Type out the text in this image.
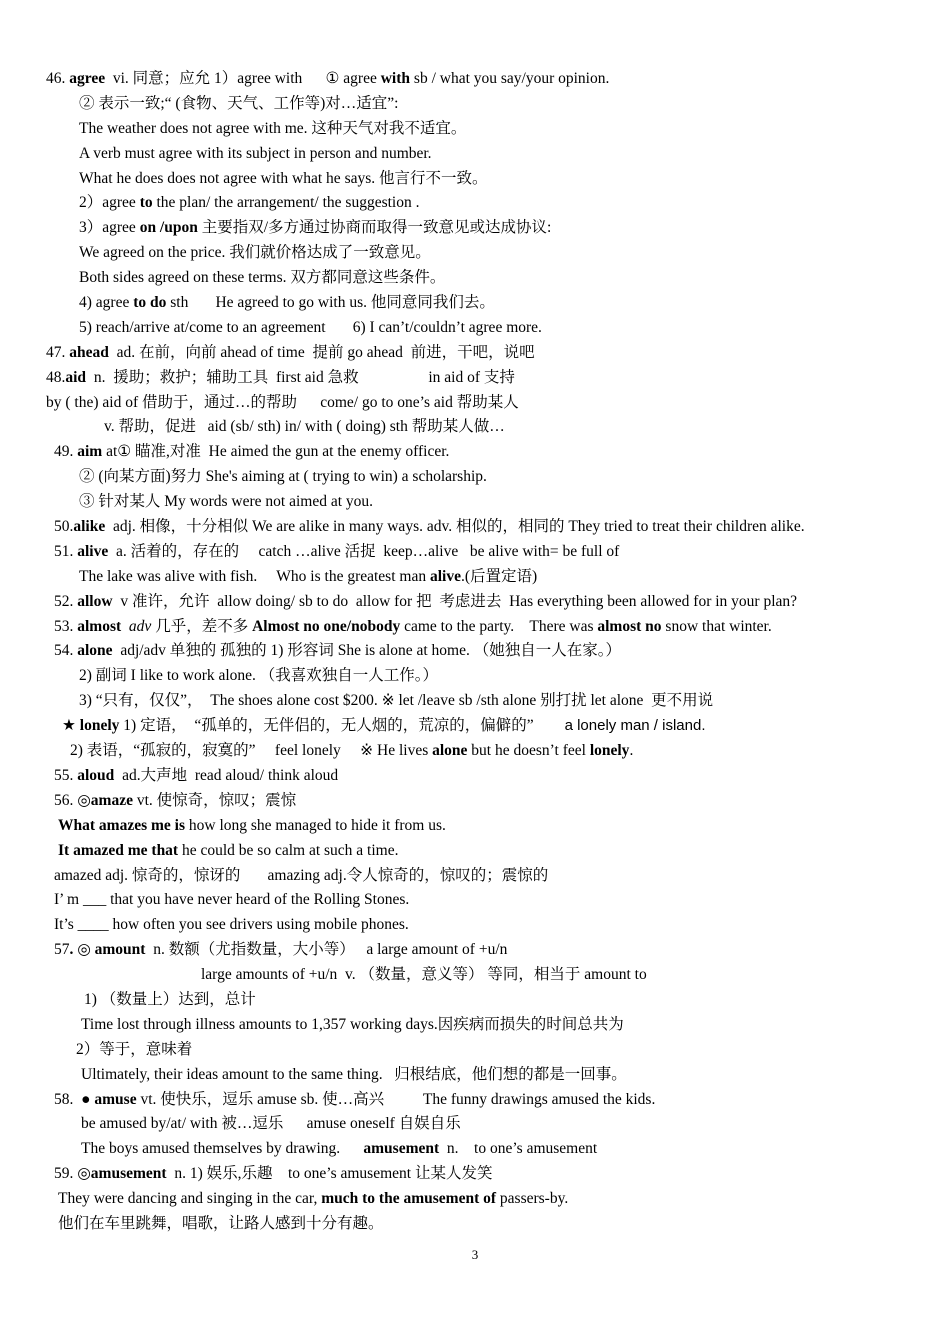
46. agree  vi. 同意；应允 1）agree with      ① agree with sb / what you say/your opinion.
② 表示一致;“ (食物、天气、工作等)对…适宜”:
The weather does not agree with me. 这种天气对我不适宜。
A verb must agree with its subject in person and number.
What he does does not agree with what he says. 他言行不一致。
2）agree to the plan/ the arrangement/ the suggestion .
3）agree on /upon 主要指双/多方通过协商而取得一致意见或达成协议:
We agreed on the price. 我们就价格达成了一致意见。
Both sides agreed on these terms. 双方都同意这些条件。
4) agree to do sth       He agreed to go with us. 他同意同我们去。
5) reach/arrive at/come to an agreement       6) I can’t/couldn’t agree more.
47. ahead  ad. 在前，向前 ahead of time  提前 go ahead  前进，干吧，说吧
48.aid  n.  援助；救护；辅助工具  first aid 急救                  in aid of 支持
by ( the) aid of 借助于，通过…的帮助      come/ go to one’s aid 帮助某人
v. 帮助，促进   aid (sb/ sth) in/ with ( doing) sth 帮助某人做…
49. aim at① 瞄准,对准  He aimed the gun at the enemy officer.
② (向某方面)努力 She's aiming at ( trying to win) a scholarship.
③ 针对某人 My words were not aimed at you.
50.alike  adj. 相像，十分相似 We are alike in many ways. adv. 相似的，相同的 They tried to treat their children alike.
51. alive  a. 活着的，存在的     catch …alive 活捉  keep…alive   be alive with= be full of
The lake was alive with fish.     Who is the greatest man alive.(后置定语)
52. allow  v 准许，允许  allow doing/ sb to do  allow for 把  考虑进去  Has everything been allowed for in your plan?
53. almost adv 几乎，差不多 Almost no one/nobody came to the party.    There was almost no snow that winter.
54. alone  adj/adv 单独的 孤独的 1) 形容词 She is alone at home. （她独自一人在家。）
2) 副词 I like to work alone. （我喜欢独自一人工作。）
3) “只有，仅仅”，  The shoes alone cost $200. ※ let /leave sb /sth alone 别打扰 let alone  更不用说
★ lonely 1) 定语，  “孤单的，无伴侣的，无人烟的，荒凉的，偏僻的”        a lonely man / island.
2) 表语，“孤寂的，寂寞的”     feel lonely     ※ He lives alone but he doesn’t feel lonely.
55. aloud  ad.大声地  read aloud/ think aloud
56. ◎amaze vt. 使惊奇，惊叹；震惊
What amazes me is how long she managed to hide it from us.
It amazed me that he could be so calm at such a time.
amazed adj. 惊奇的，惊讶的       amazing adj.令人惊奇的，惊叹的；震惊的
I’ m ___ that you have never heard of the Rolling Stones.
It’s ____ how often you see drivers using mobile phones.
57. ◎ amount  n. 数额（尤指数量，大小等）   a large amount of +u/n
large amounts of +u/n  v. （数量，意义等） 等同，相当于 amount to
1) （数量上）达到，总计
Time lost through illness amounts to 1,357 working days.因疾病而损失的时间总共为
2）等于，意味着
Ultimately, their ideas amount to the same thing.   归根结底，他们想的都是一回事。
58.  ● amuse vt. 使快乐，逗乐 amuse sb. 使…高兴          The funny drawings amused the kids.
be amused by/at/ with 被…逗乐      amuse oneself 自娱自乐
The boys amused themselves by drawing.      amusement  n.    to one’s amusement
59. ◎amusement  n. 1) 娱乐,乐趣    to one’s amusement 让某人发笑
They were dancing and singing in the car, much to the amusement of passers-by.
他们在车里跳舞，唱歌，让路人感到十分有趣。
3
